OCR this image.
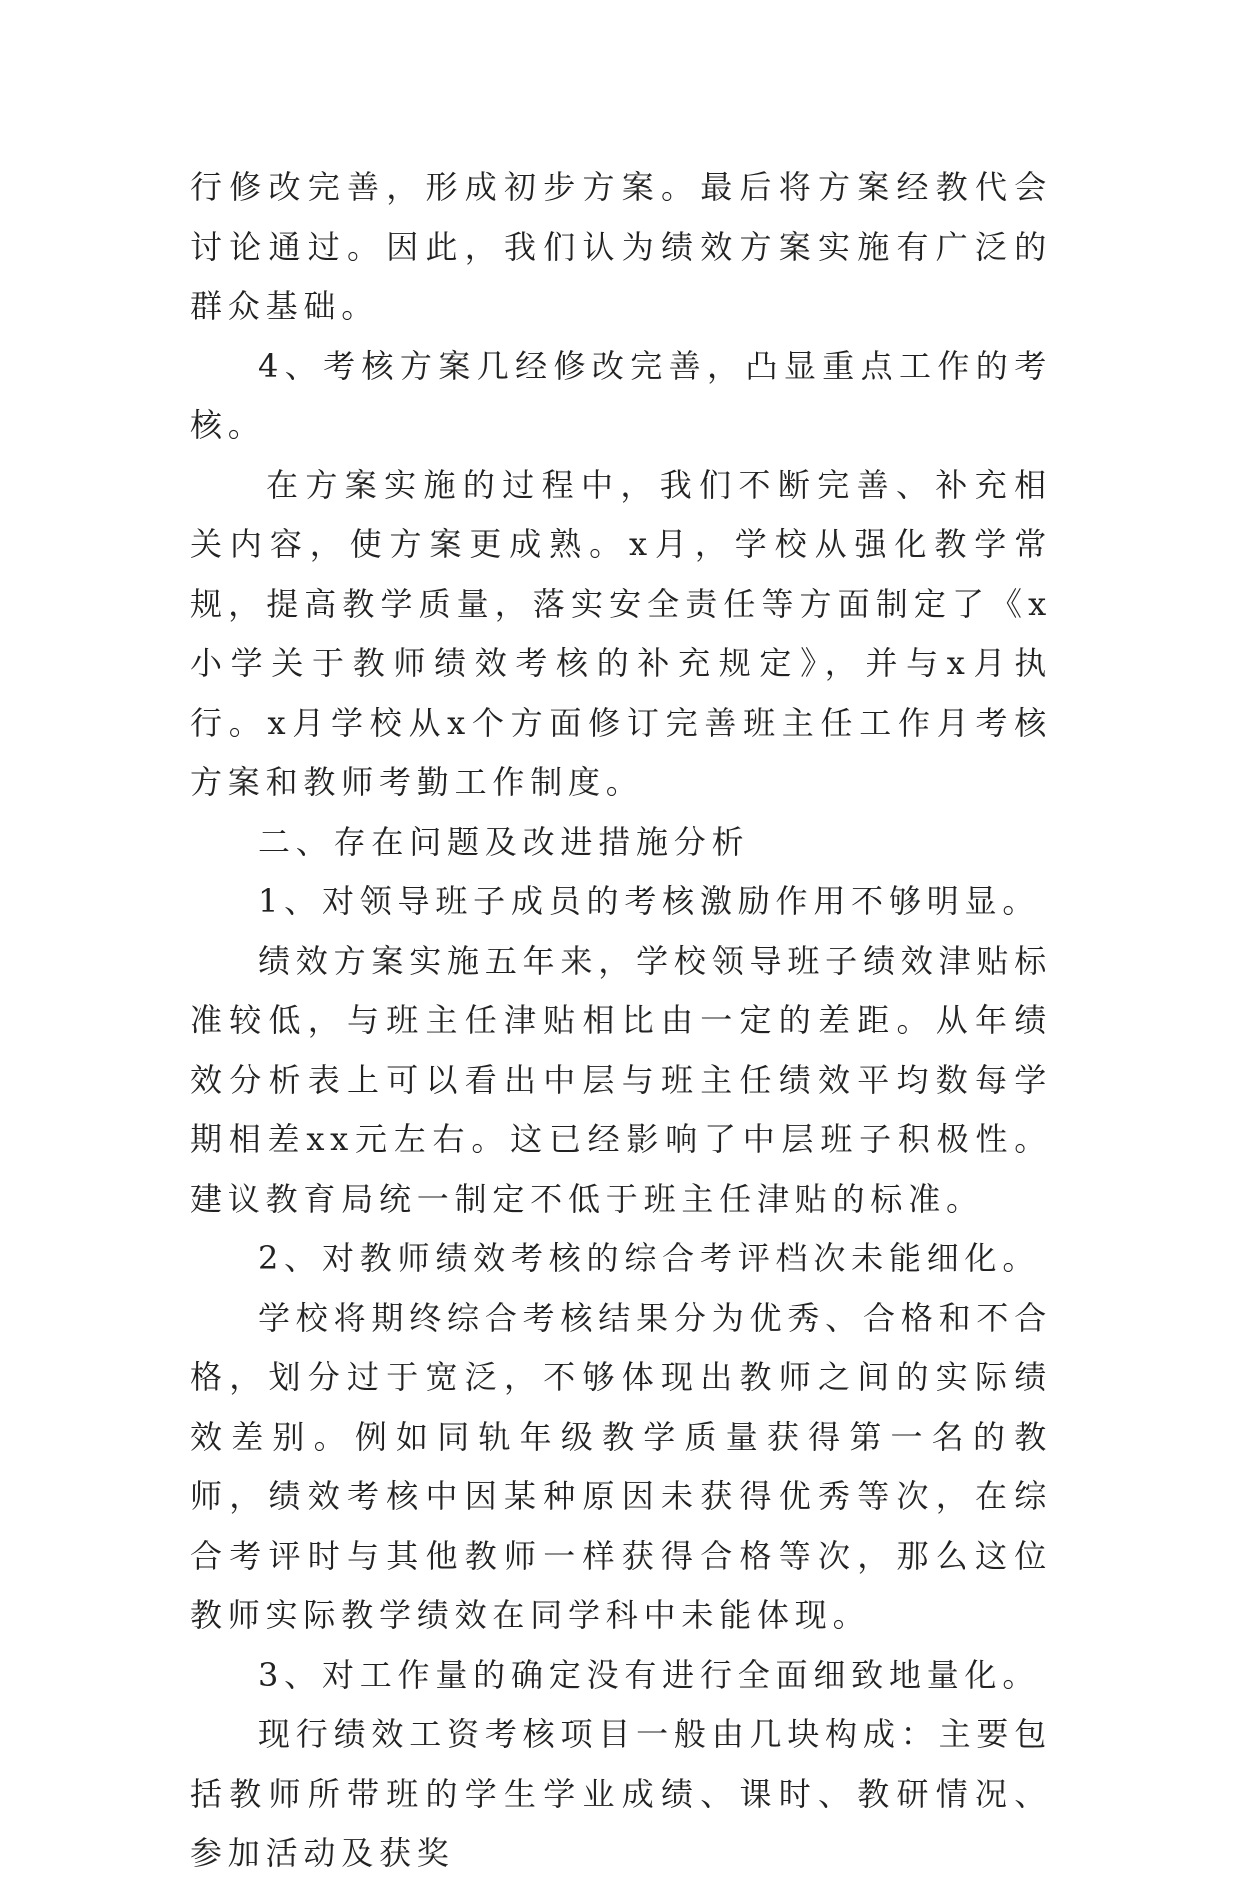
行修改完善，形成初步方案。最后将方案经教代会讨论通过。因此，我们认为绩效方案实施有广泛的群众基础。

4、考核方案几经修改完善，凸显重点工作的考核。

在方案实施的过程中，我们不断完善、补充相关内容，使方案更成熟。x月，学校从强化教学常规，提高教学质量，落实安全责任等方面制定了《x小学关于教师绩效考核的补充规定》，并与x月执行。x月学校从x个方面修订完善班主任工作月考核方案和教师考勤工作制度。

二、存在问题及改进措施分析

1、对领导班子成员的考核激励作用不够明显。

绩效方案实施五年来，学校领导班子绩效津贴标准较低，与班主任津贴相比由一定的差距。从年绩效分析表上可以看出中层与班主任绩效平均数每学期相差xx元左右。这已经影响了中层班子积极性。建议教育局统一制定不低于班主任津贴的标准。

2、对教师绩效考核的综合考评档次未能细化。

学校将期终综合考核结果分为优秀、合格和不合格，划分过于宽泛，不够体现出教师之间的实际绩效差别。例如同轨年级教学质量获得第一名的教师，绩效考核中因某种原因未获得优秀等次，在综合考评时与其他教师一样获得合格等次，那么这位教师实际教学绩效在同学科中未能体现。

3、对工作量的确定没有进行全面细致地量化。

现行绩效工资考核项目一般由几块构成：主要包括教师所带班的学生学业成绩、课时、教研情况、参加活动及获奖
